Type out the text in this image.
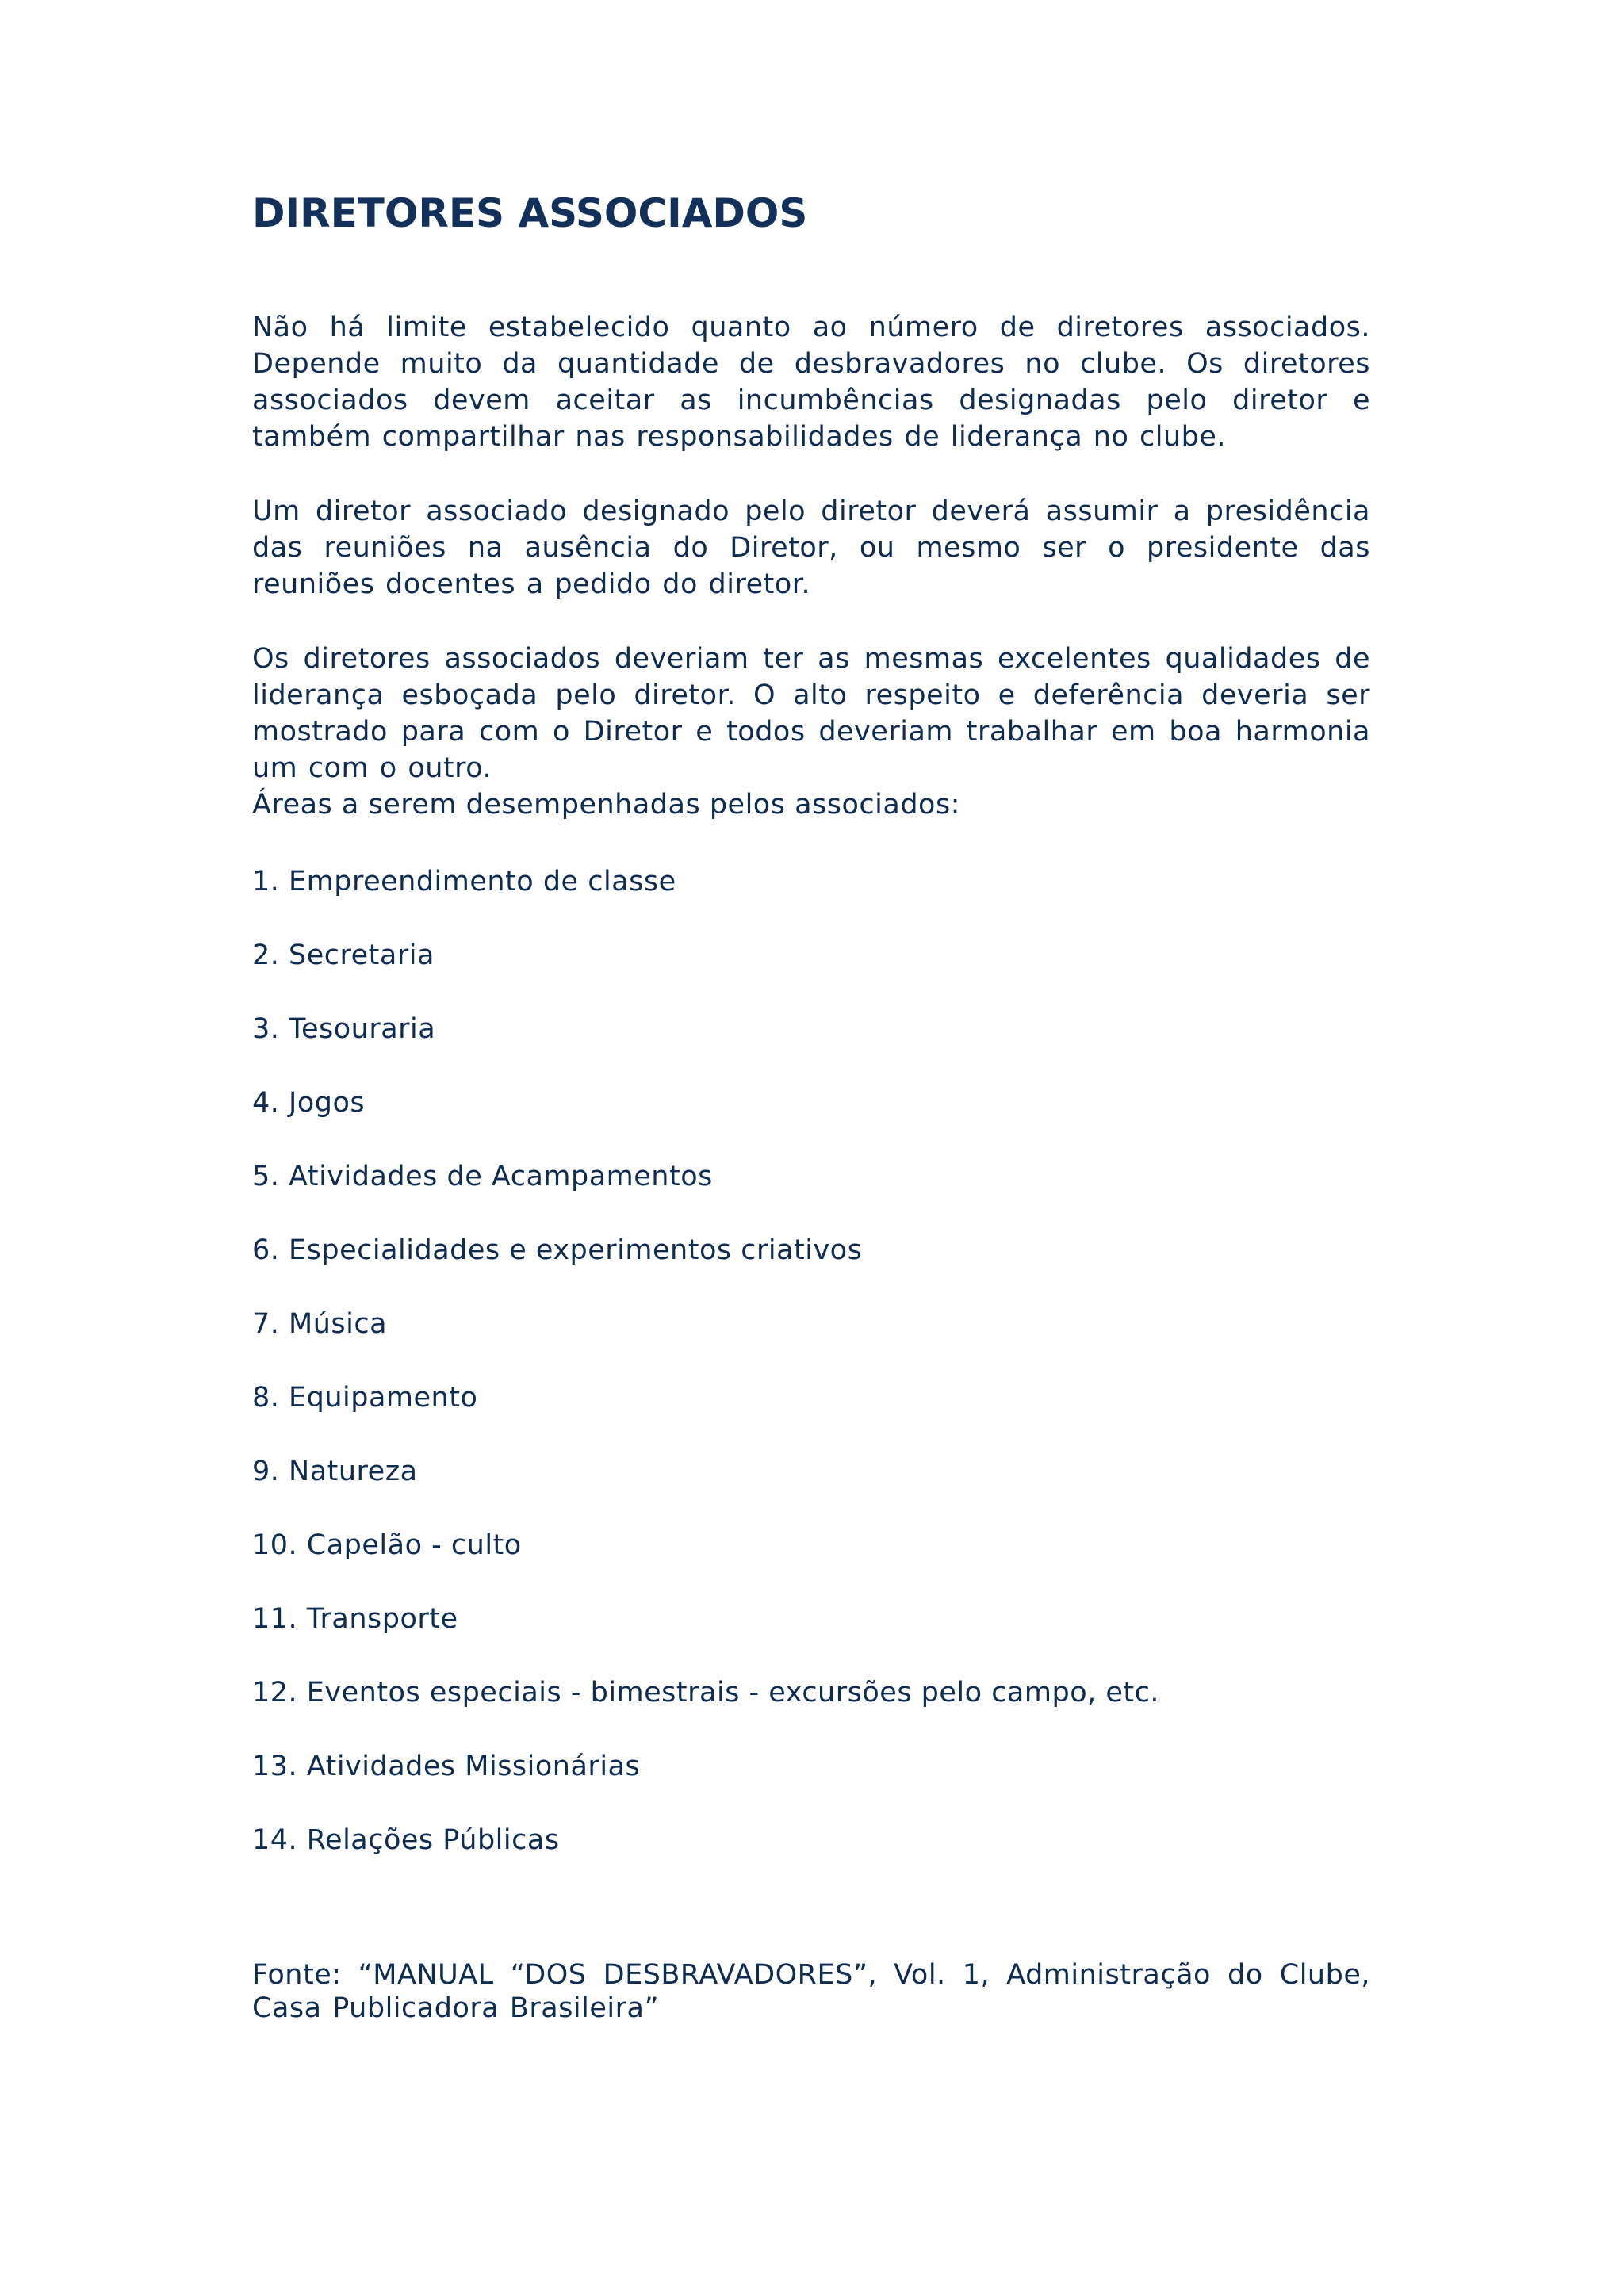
DIRETORES ASSOCIADOS

Não há limite estabelecido quanto ao número de diretores associados. Depende muito da quantidade de desbravadores no clube. Os diretores associados devem aceitar as incumbências designadas pelo diretor e também compartilhar nas responsabilidades de liderança no clube.

Um diretor associado designado pelo diretor deverá assumir a presidência das reuniões na ausência do Diretor, ou mesmo ser o presidente das reuniões docentes a pedido do diretor.

Os diretores associados deveriam ter as mesmas excelentes qualidades de liderança esboçada pelo diretor. O alto respeito e deferência deveria ser mostrado para com o Diretor e todos deveriam trabalhar em boa harmonia um com o outro.

Áreas a serem desempenhadas pelos associados:

1. Empreendimento de classe
2. Secretaria
3. Tesouraria
4. Jogos
5. Atividades de Acampamentos
6. Especialidades e experimentos criativos
7. Música
8. Equipamento
9. Natureza
10. Capelão - culto
11. Transporte
12. Eventos especiais - bimestrais - excursões pelo campo, etc.
13. Atividades Missionárias
14. Relações Públicas

Fonte: “MANUAL “DOS DESBRAVADORES”, Vol. 1, Administração do Clube, Casa Publicadora Brasileira”
